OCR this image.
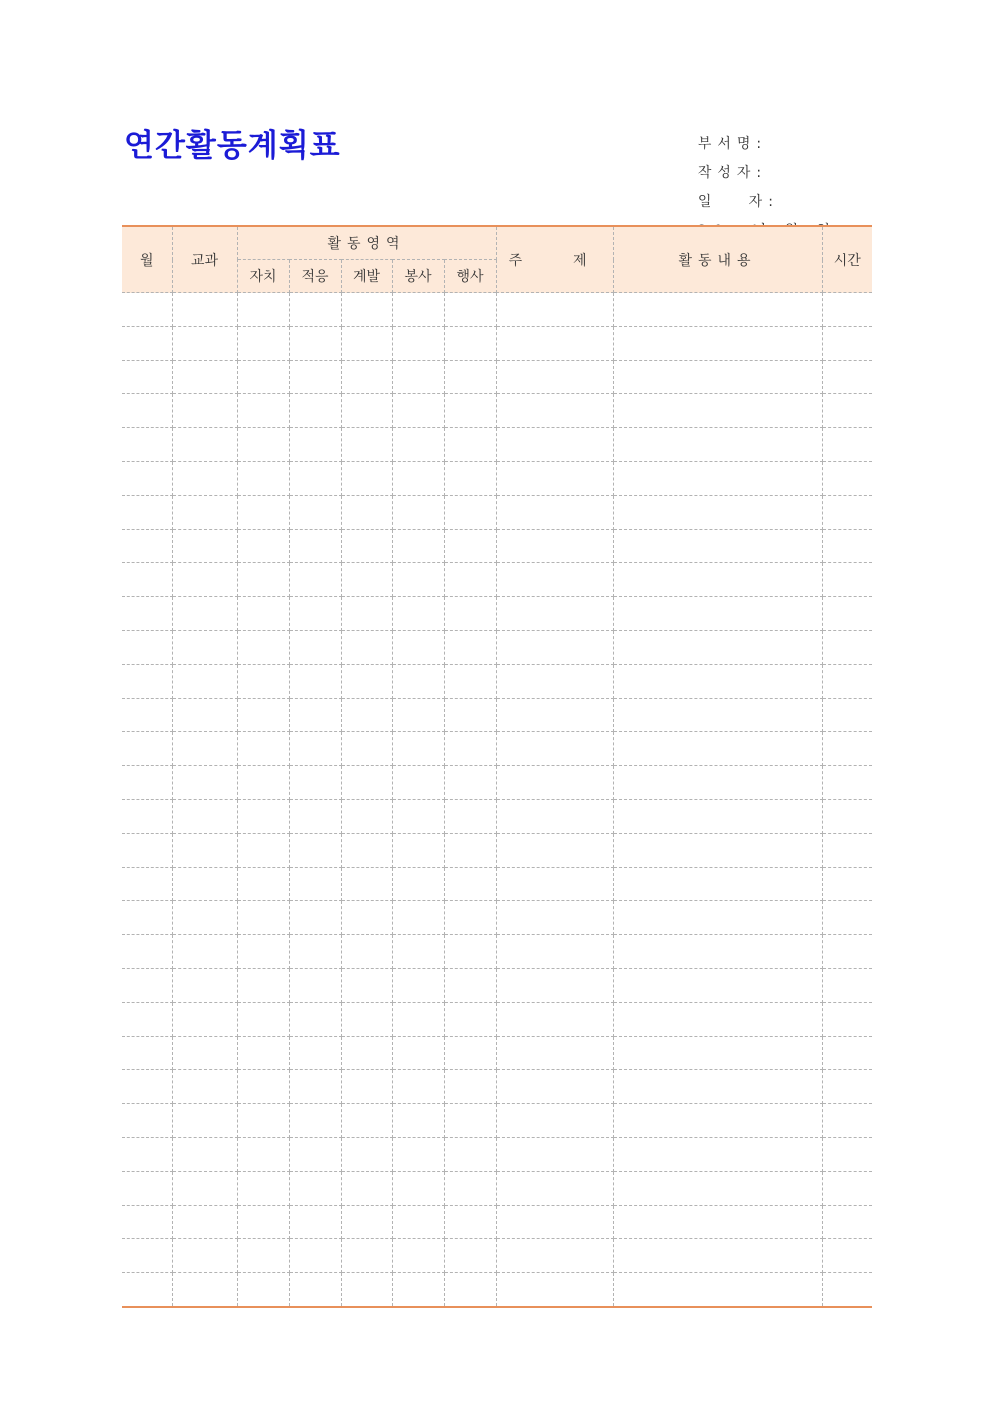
연간활동계획표	부서명:

작성자:

일   자:

월	교과	활동영역					주  제	활동내용	시간
		자치	적응	계발	봉사	행사			
